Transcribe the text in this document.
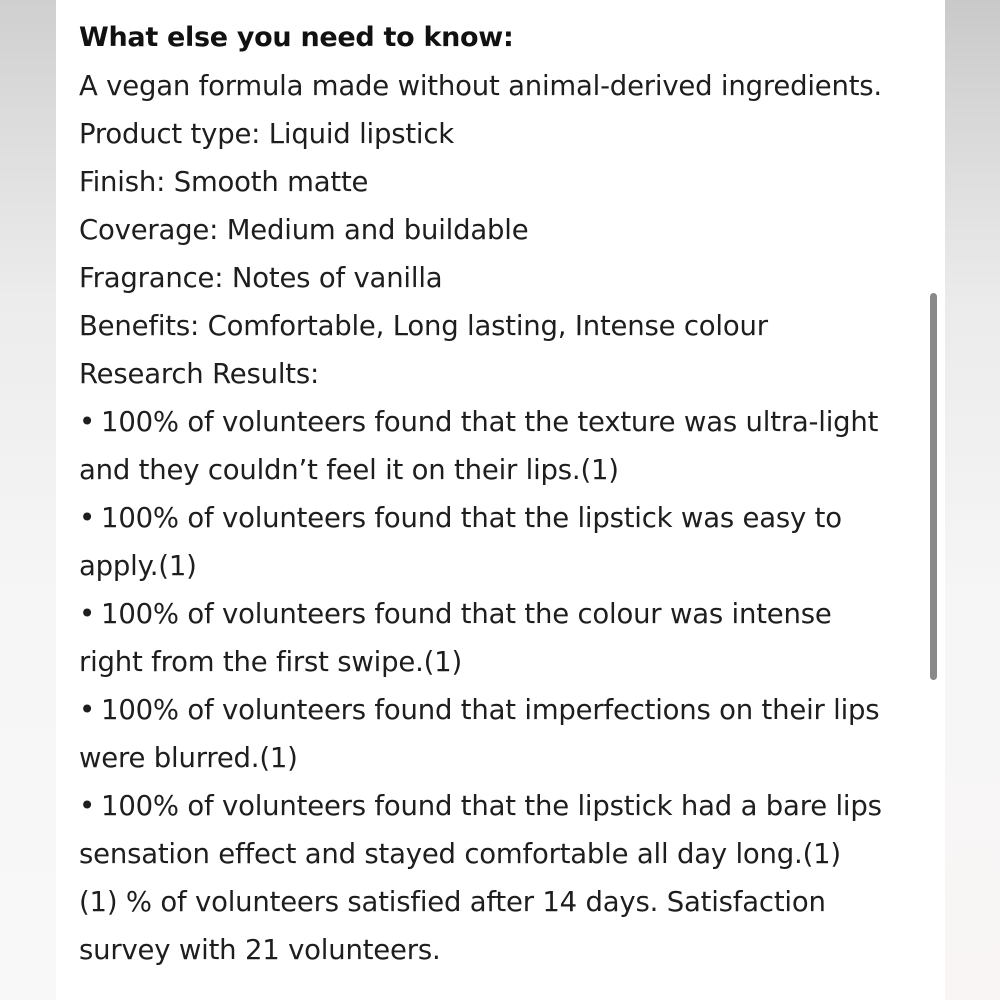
What else you need to know:
A vegan formula made without animal-derived ingredients.
Product type: Liquid lipstick
Finish: Smooth matte
Coverage: Medium and buildable
Fragrance: Notes of vanilla
Benefits: Comfortable, Long lasting, Intense colour
Research Results:
• 100% of volunteers found that the texture was ultra-light
and they couldn’t feel it on their lips.(1)
• 100% of volunteers found that the lipstick was easy to
apply.(1)
• 100% of volunteers found that the colour was intense
right from the first swipe.(1)
• 100% of volunteers found that imperfections on their lips
were blurred.(1)
• 100% of volunteers found that the lipstick had a bare lips
sensation effect and stayed comfortable all day long.(1)
(1) % of volunteers satisfied after 14 days. Satisfaction
survey with 21 volunteers.
